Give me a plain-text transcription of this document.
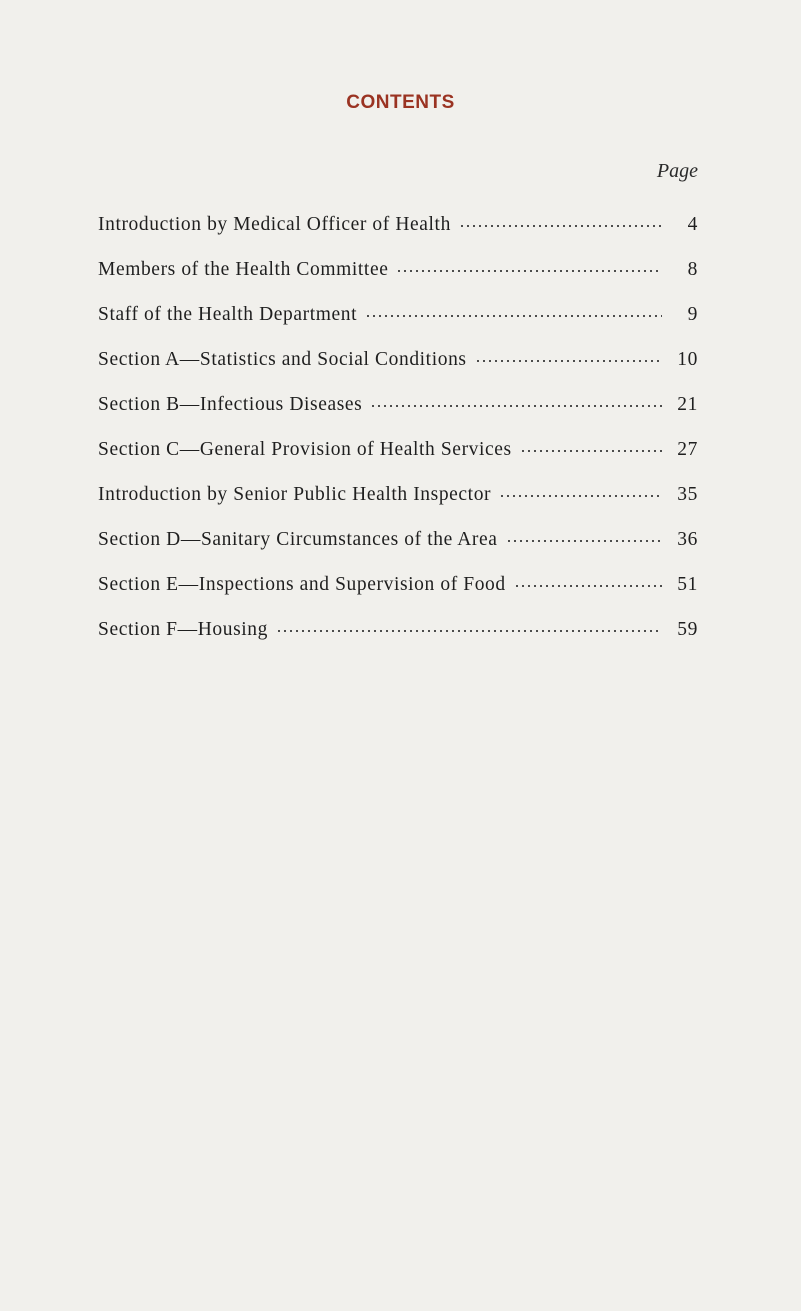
CONTENTS
Page
Introduction by Medical Officer of Health	4
Members of the Health Committee	8
Staff of the Health Department	9
Section A—Statistics and Social Conditions	10
Section B—Infectious Diseases	21
Section C—General Provision of Health Services	27
Introduction by Senior Public Health Inspector	35
Section D—Sanitary Circumstances of the Area	36
Section E—Inspections and Supervision of Food	51
Section F—Housing	59
